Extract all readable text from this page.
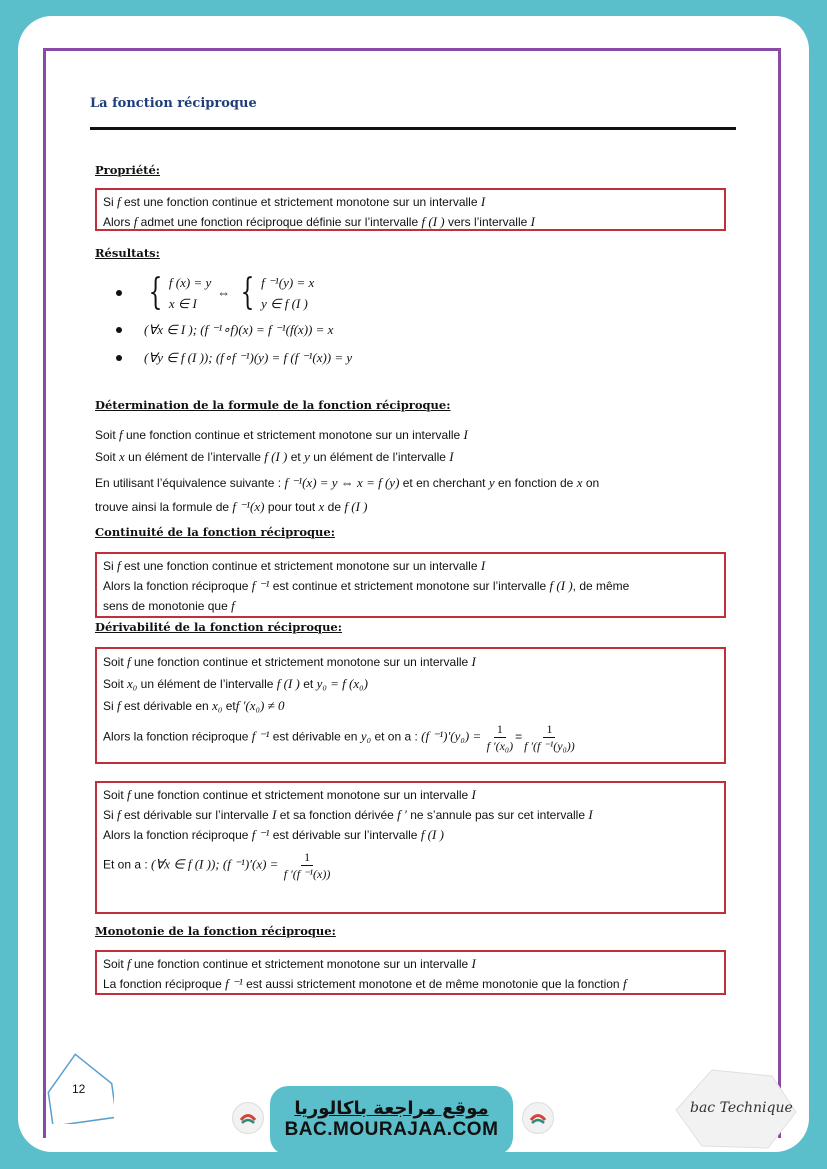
La fonction réciproque
Propriété:

Si f est une fonction continue et strictement monotone sur un intervalle I

Alors f admet une fonction réciproque définie sur l’intervalle f (I ) vers l’intervalle I

Résultats:
{ f (x) = y
x ∈ I
⇔ { f ⁻¹(y) = x
y ∈ f (I )
(∀x ∈ I ); (f ⁻¹∘f)(x) = f ⁻¹(f(x)) = x
(∀y ∈ f (I )); (f∘f ⁻¹)(y) = f (f ⁻¹(x)) = y
Détermination de la formule de la fonction réciproque:

Soit f une fonction continue et strictement monotone sur un intervalle I

Soit x un élément de l’intervalle f (I ) et y un élément de l’intervalle I

En utilisant l’équivalence suivante : f ⁻¹(x) = y ⇔ x = f (y) et en cherchant y en fonction de x on

trouve ainsi la formule de f ⁻¹(x) pour tout x de f (I )

Continuité de la fonction réciproque:

Si f est une fonction continue et strictement monotone sur un intervalle I

Alors la fonction réciproque f ⁻¹ est continue et strictement monotone sur l’intervalle f (I ), de même

sens de monotonie que f

Dérivabilité de la fonction réciproque:

Soit f une fonction continue et strictement monotone sur un intervalle I

Soit x₀ un élément de l’intervalle f (I ) et y₀ = f (x₀)

Si f est dérivable en x₀ etf ′(x₀) ≠ 0

Alors la fonction réciproque f ⁻¹ est dérivable en y₀ et on a : (f $^{-1})'(y_0) = \frac{1}{\text{f ′(x₀)}} = \frac{1}{\text{f ′(f ⁻¹(y₀))}}$

Soit f une fonction continue et strictement monotone sur un intervalle I

Si f est dérivable sur l’intervalle I et sa fonction dérivée f ′ ne s’annule pas sur cet intervalle I

Alors la fonction réciproque f ⁻¹ est dérivable sur l’intervalle f (I )

Et on a : (∀x ∈ f (I )); (f $^{-1})'(x) = \frac{1}{\text{f ′(f ⁻¹(x))}}$

Monotonie de la fonction réciproque:

Soit f une fonction continue et strictement monotone sur un intervalle I

La fonction réciproque f ⁻¹ est aussi strictement monotone et de même monotonie que la fonction f

12
موقع مراجعة باكالوريا
BAC.MOURAJAA.COM
bac Technique
